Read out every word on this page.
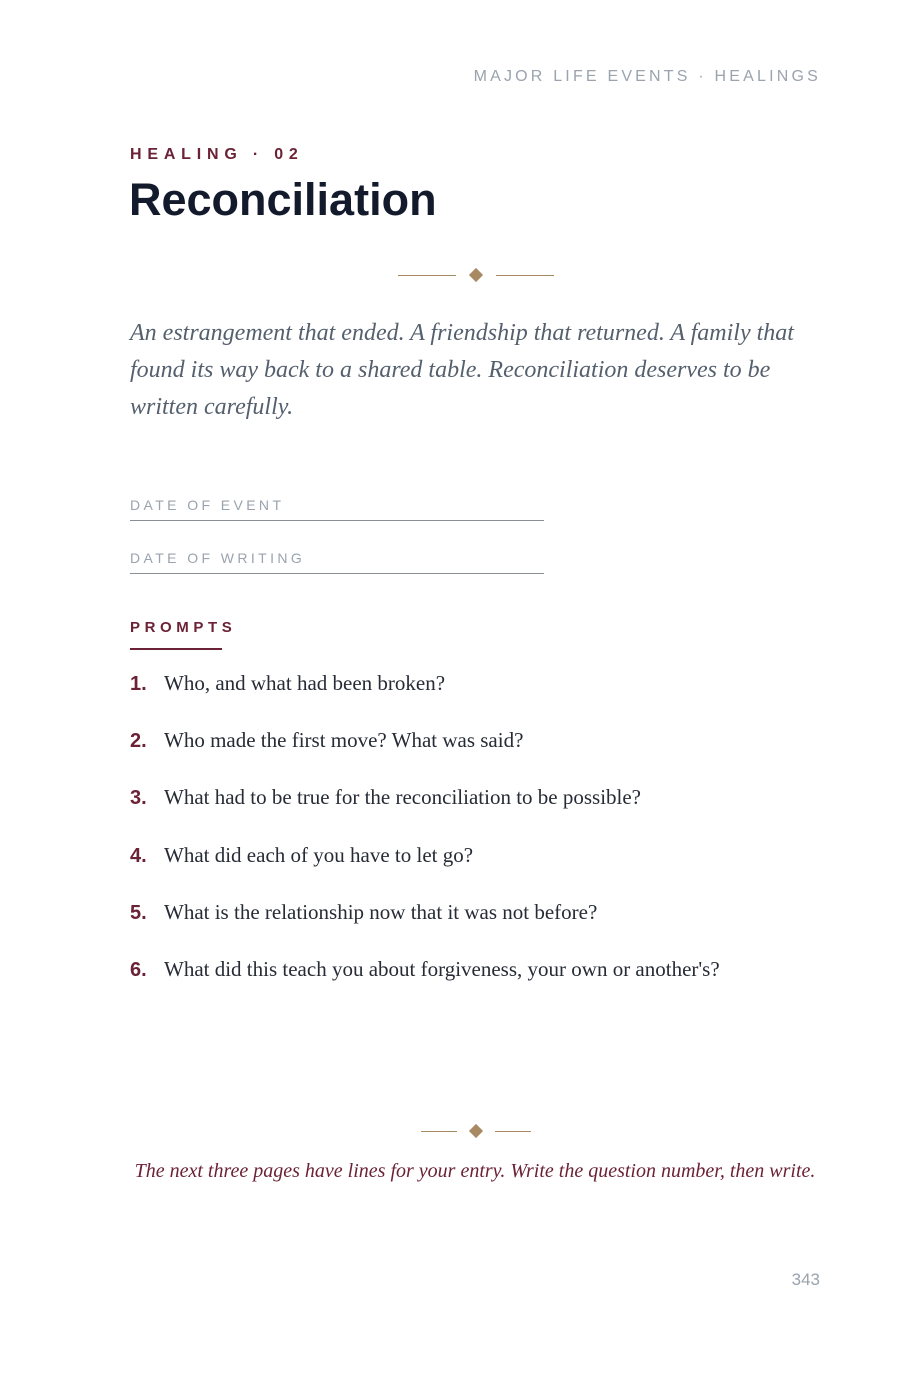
MAJOR LIFE EVENTS · HEALINGS
HEALING · 02
Reconciliation

An estrangement that ended. A friendship that returned. A family that found its way back to a shared table. Reconciliation deserves to be written carefully.

DATE OF EVENT
DATE OF WRITING
PROMPTS
1. Who, and what had been broken?
2. Who made the first move? What was said?
3. What had to be true for the reconciliation to be possible?
4. What did each of you have to let go?
5. What is the relationship now that it was not before?
6. What did this teach you about forgiveness, your own or another's?

The next three pages have lines for your entry. Write the question number, then write.

343
